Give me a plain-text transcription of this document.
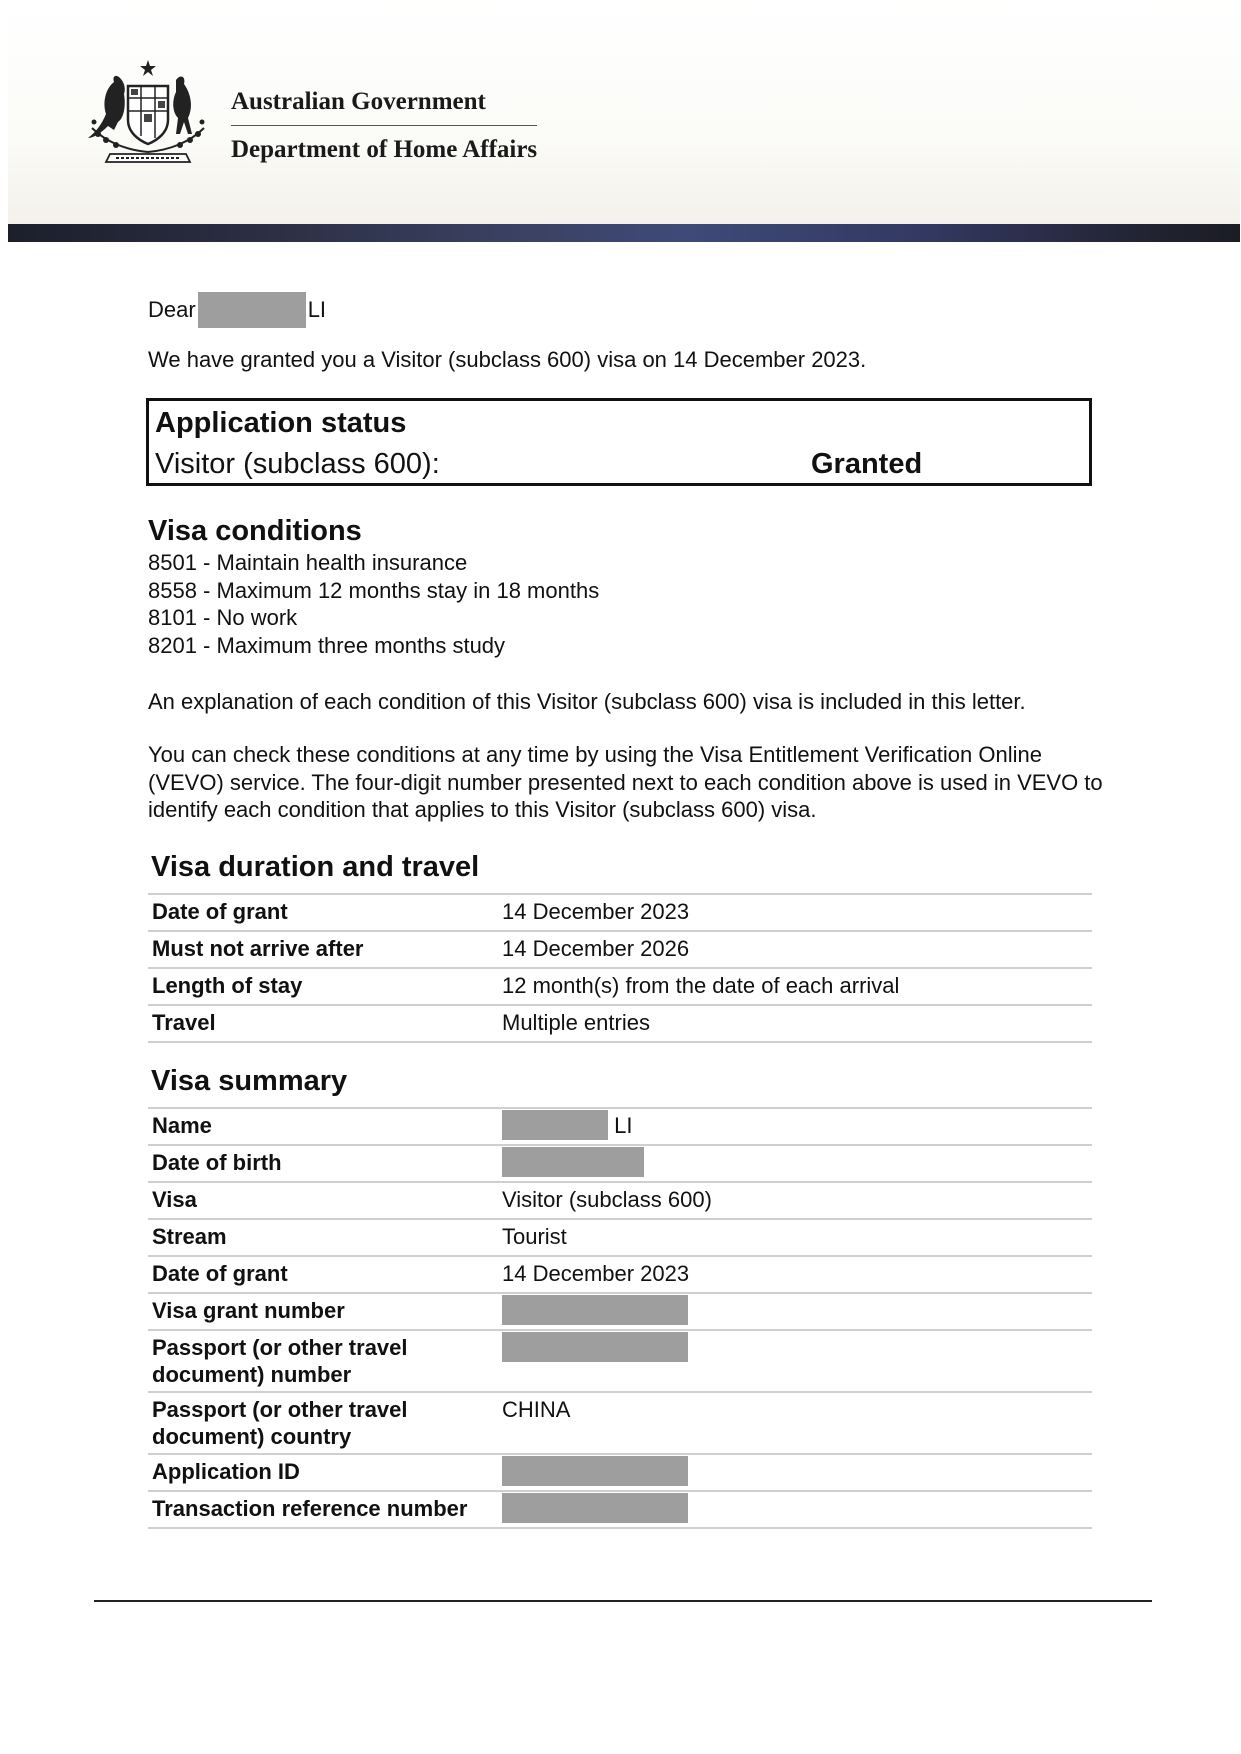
Australian Government
Department of Home Affairs
Dear	LI
We have granted you a Visitor (subclass 600) visa on 14 December 2023.
Application status
Visitor (subclass 600):	Granted
Visa conditions
8501 - Maintain health insurance
8558 - Maximum 12 months stay in 18 months
8101 - No work
8201 - Maximum three months study
An explanation of each condition of this Visitor (subclass 600) visa is included in this letter.
You can check these conditions at any time by using the Visa Entitlement Verification Online (VEVO) service. The four-digit number presented next to each condition above is used in VEVO to identify each condition that applies to this Visitor (subclass 600) visa.
Visa duration and travel
Date of grant	14 December 2023
Must not arrive after	14 December 2026
Length of stay	12 month(s) from the date of each arrival
Travel	Multiple entries
Visa summary
Name	LI
Date of birth	
Visa	Visitor (subclass 600)
Stream	Tourist
Date of grant	14 December 2023
Visa grant number	
Passport (or other travel
document) number	
Passport (or other travel
document) country	CHINA
Application ID	
Transaction reference number	
